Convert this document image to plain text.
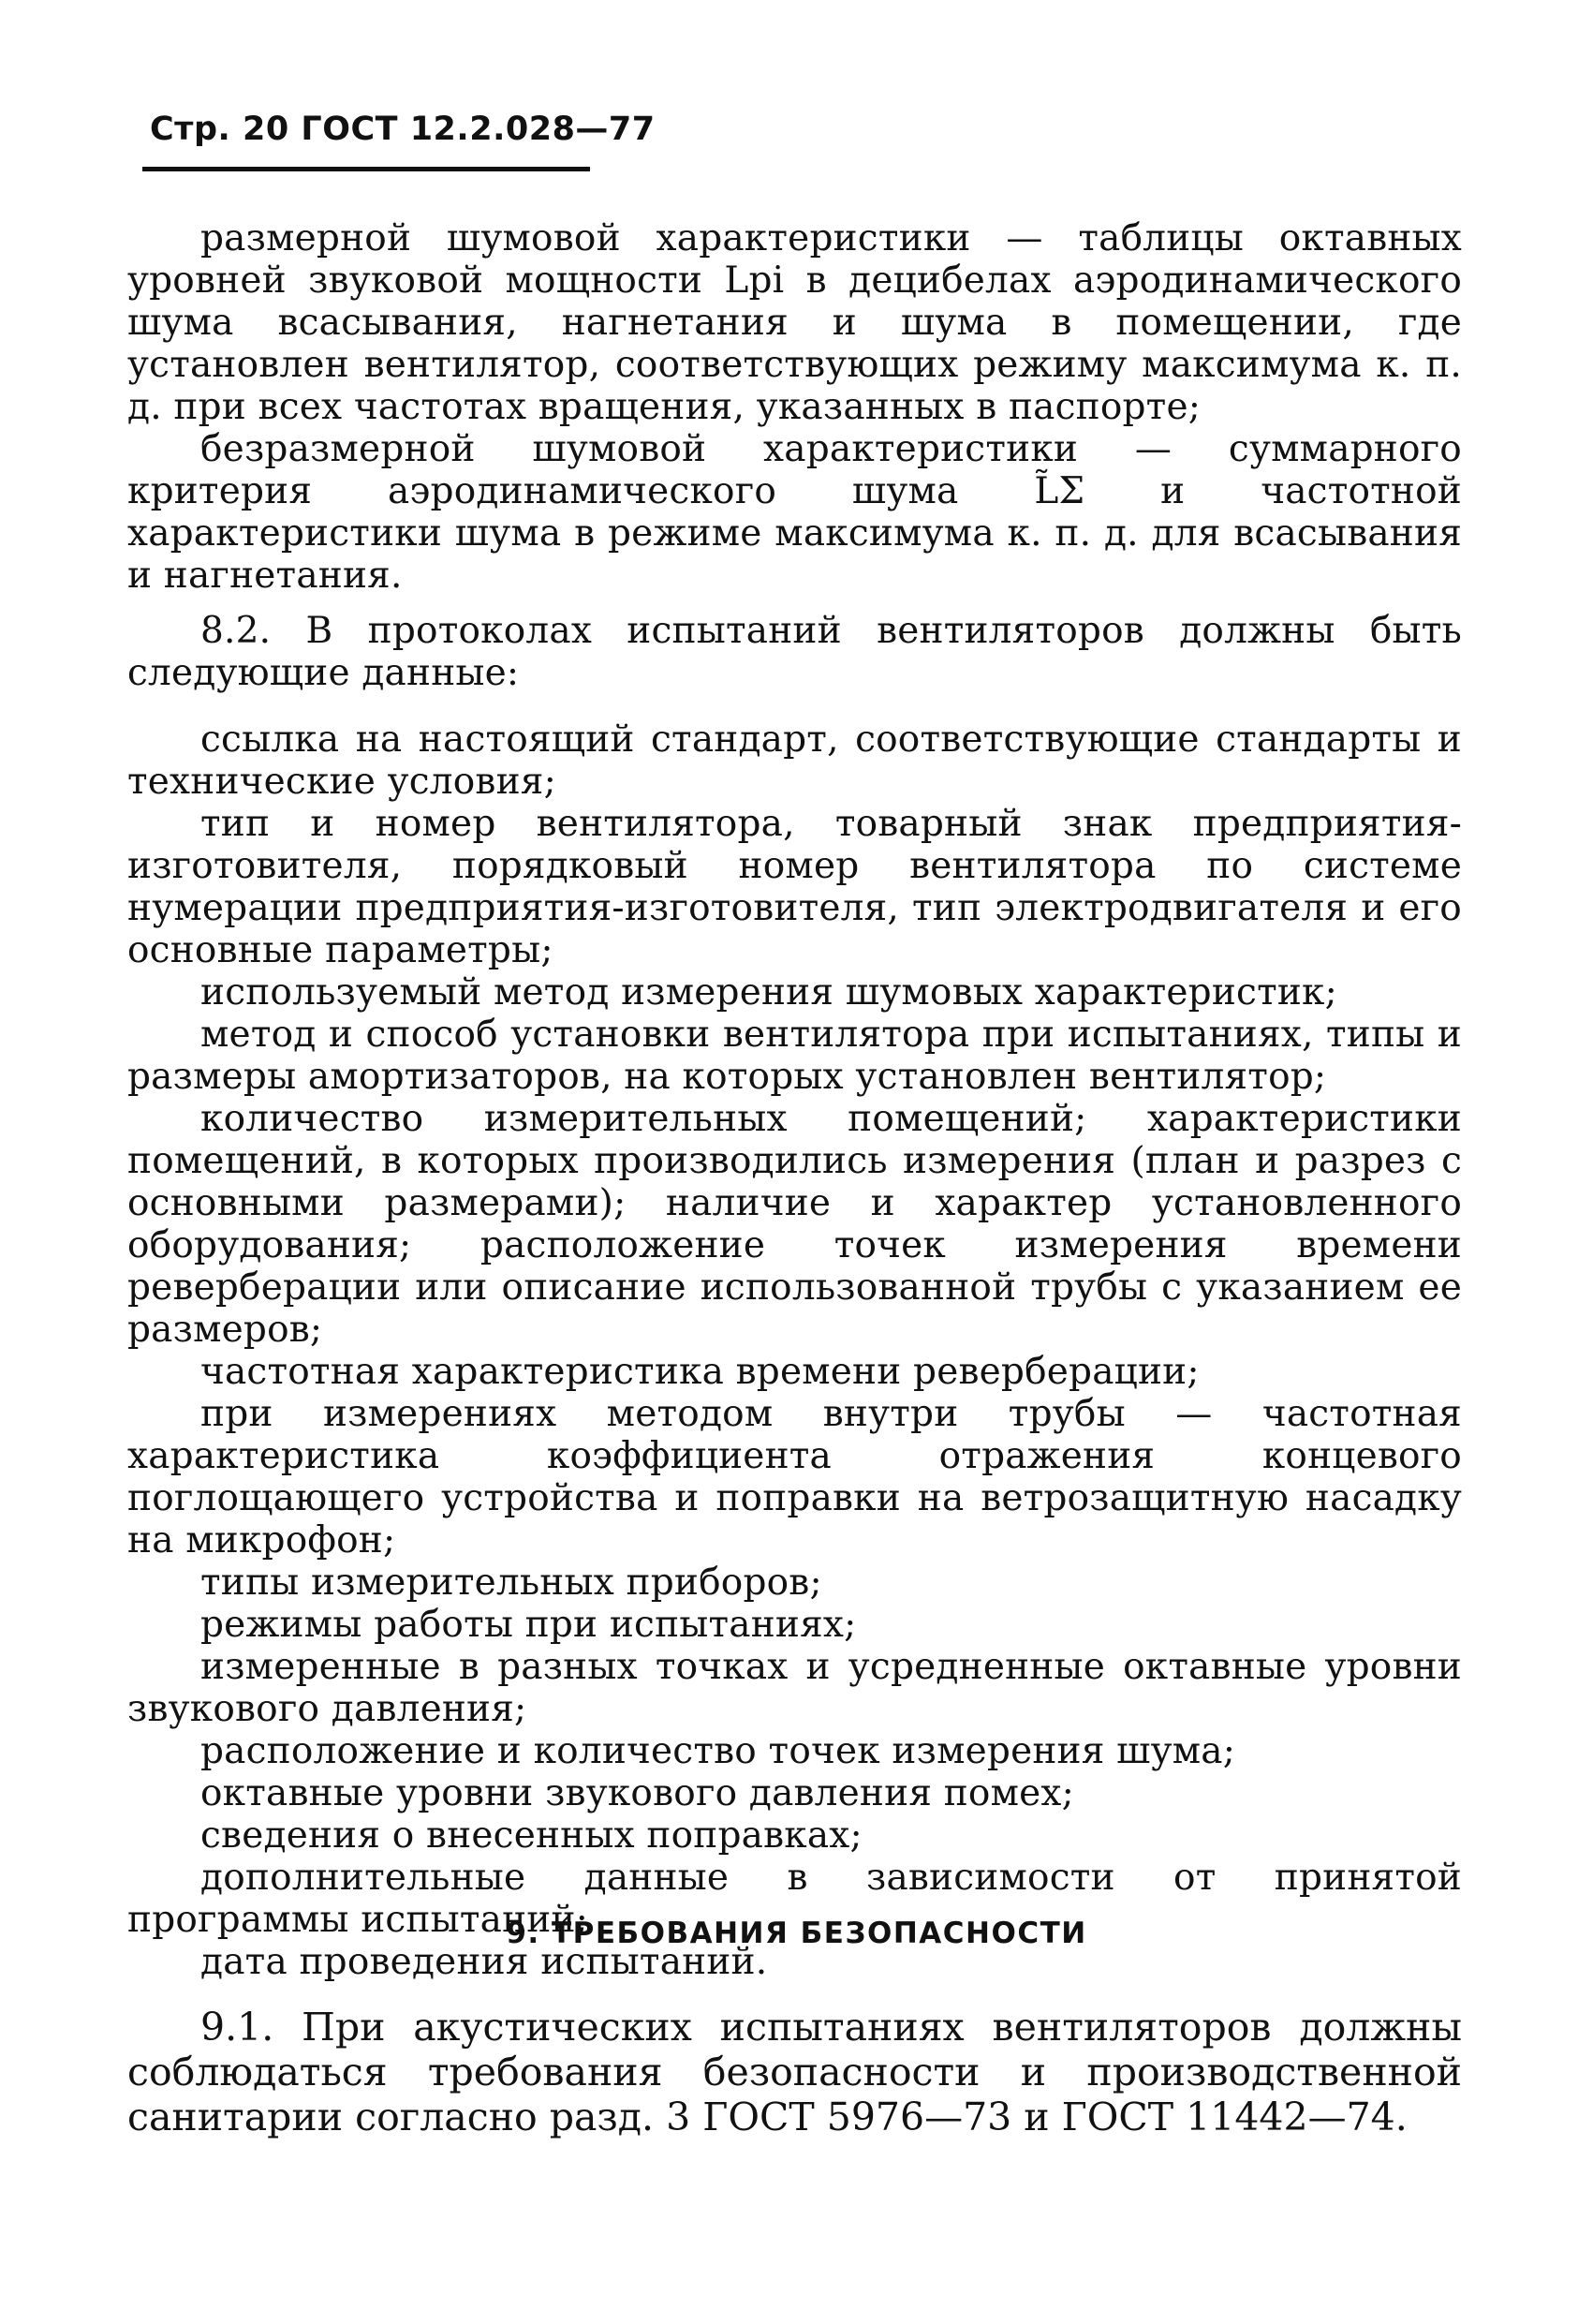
Стр. 20 ГОСТ 12.2.028—77

размерной шумовой характеристики — таблицы октавных уровней звуковой мощности Lpi в децибелах аэродинамического шума всасывания, нагнетания и шума в помещении, где установлен вентилятор, соответствующих режиму максимума к. п. д. при всех частотах вращения, указанных в паспорте;

безразмерной шумовой характеристики — суммарного критерия аэродинамического шума L̃Σ и частотной характеристики шума в режиме максимума к. п. д. для всасывания и нагнетания.

8.2. В протоколах испытаний вентиляторов должны быть следующие данные:

ссылка на настоящий стандарт, соответствующие стандарты и технические условия;

тип и номер вентилятора, товарный знак предприятия-изготовителя, порядковый номер вентилятора по системе нумерации предприятия-изготовителя, тип электродвигателя и его основные параметры;

используемый метод измерения шумовых характеристик;

метод и способ установки вентилятора при испытаниях, типы и размеры амортизаторов, на которых установлен вентилятор;

количество измерительных помещений; характеристики помещений, в которых производились измерения (план и разрез с основными размерами); наличие и характер установленного оборудования; расположение точек измерения времени реверберации или описание использованной трубы с указанием ее размеров;

частотная характеристика времени реверберации;

при измерениях методом внутри трубы — частотная характеристика коэффициента отражения концевого поглощающего устройства и поправки на ветрозащитную насадку на микрофон;

типы измерительных приборов;

режимы работы при испытаниях;

измеренные в разных точках и усредненные октавные уровни звукового давления;

расположение и количество точек измерения шума;

октавные уровни звукового давления помех;

сведения о внесенных поправках;

дополнительные данные в зависимости от принятой программы испытаний;

дата проведения испытаний.

9. ТРЕБОВАНИЯ БЕЗОПАСНОСТИ

9.1. При акустических испытаниях вентиляторов должны соблюдаться требования безопасности и производственной санитарии согласно разд. 3 ГОСТ 5976—73 и ГОСТ 11442—74.
